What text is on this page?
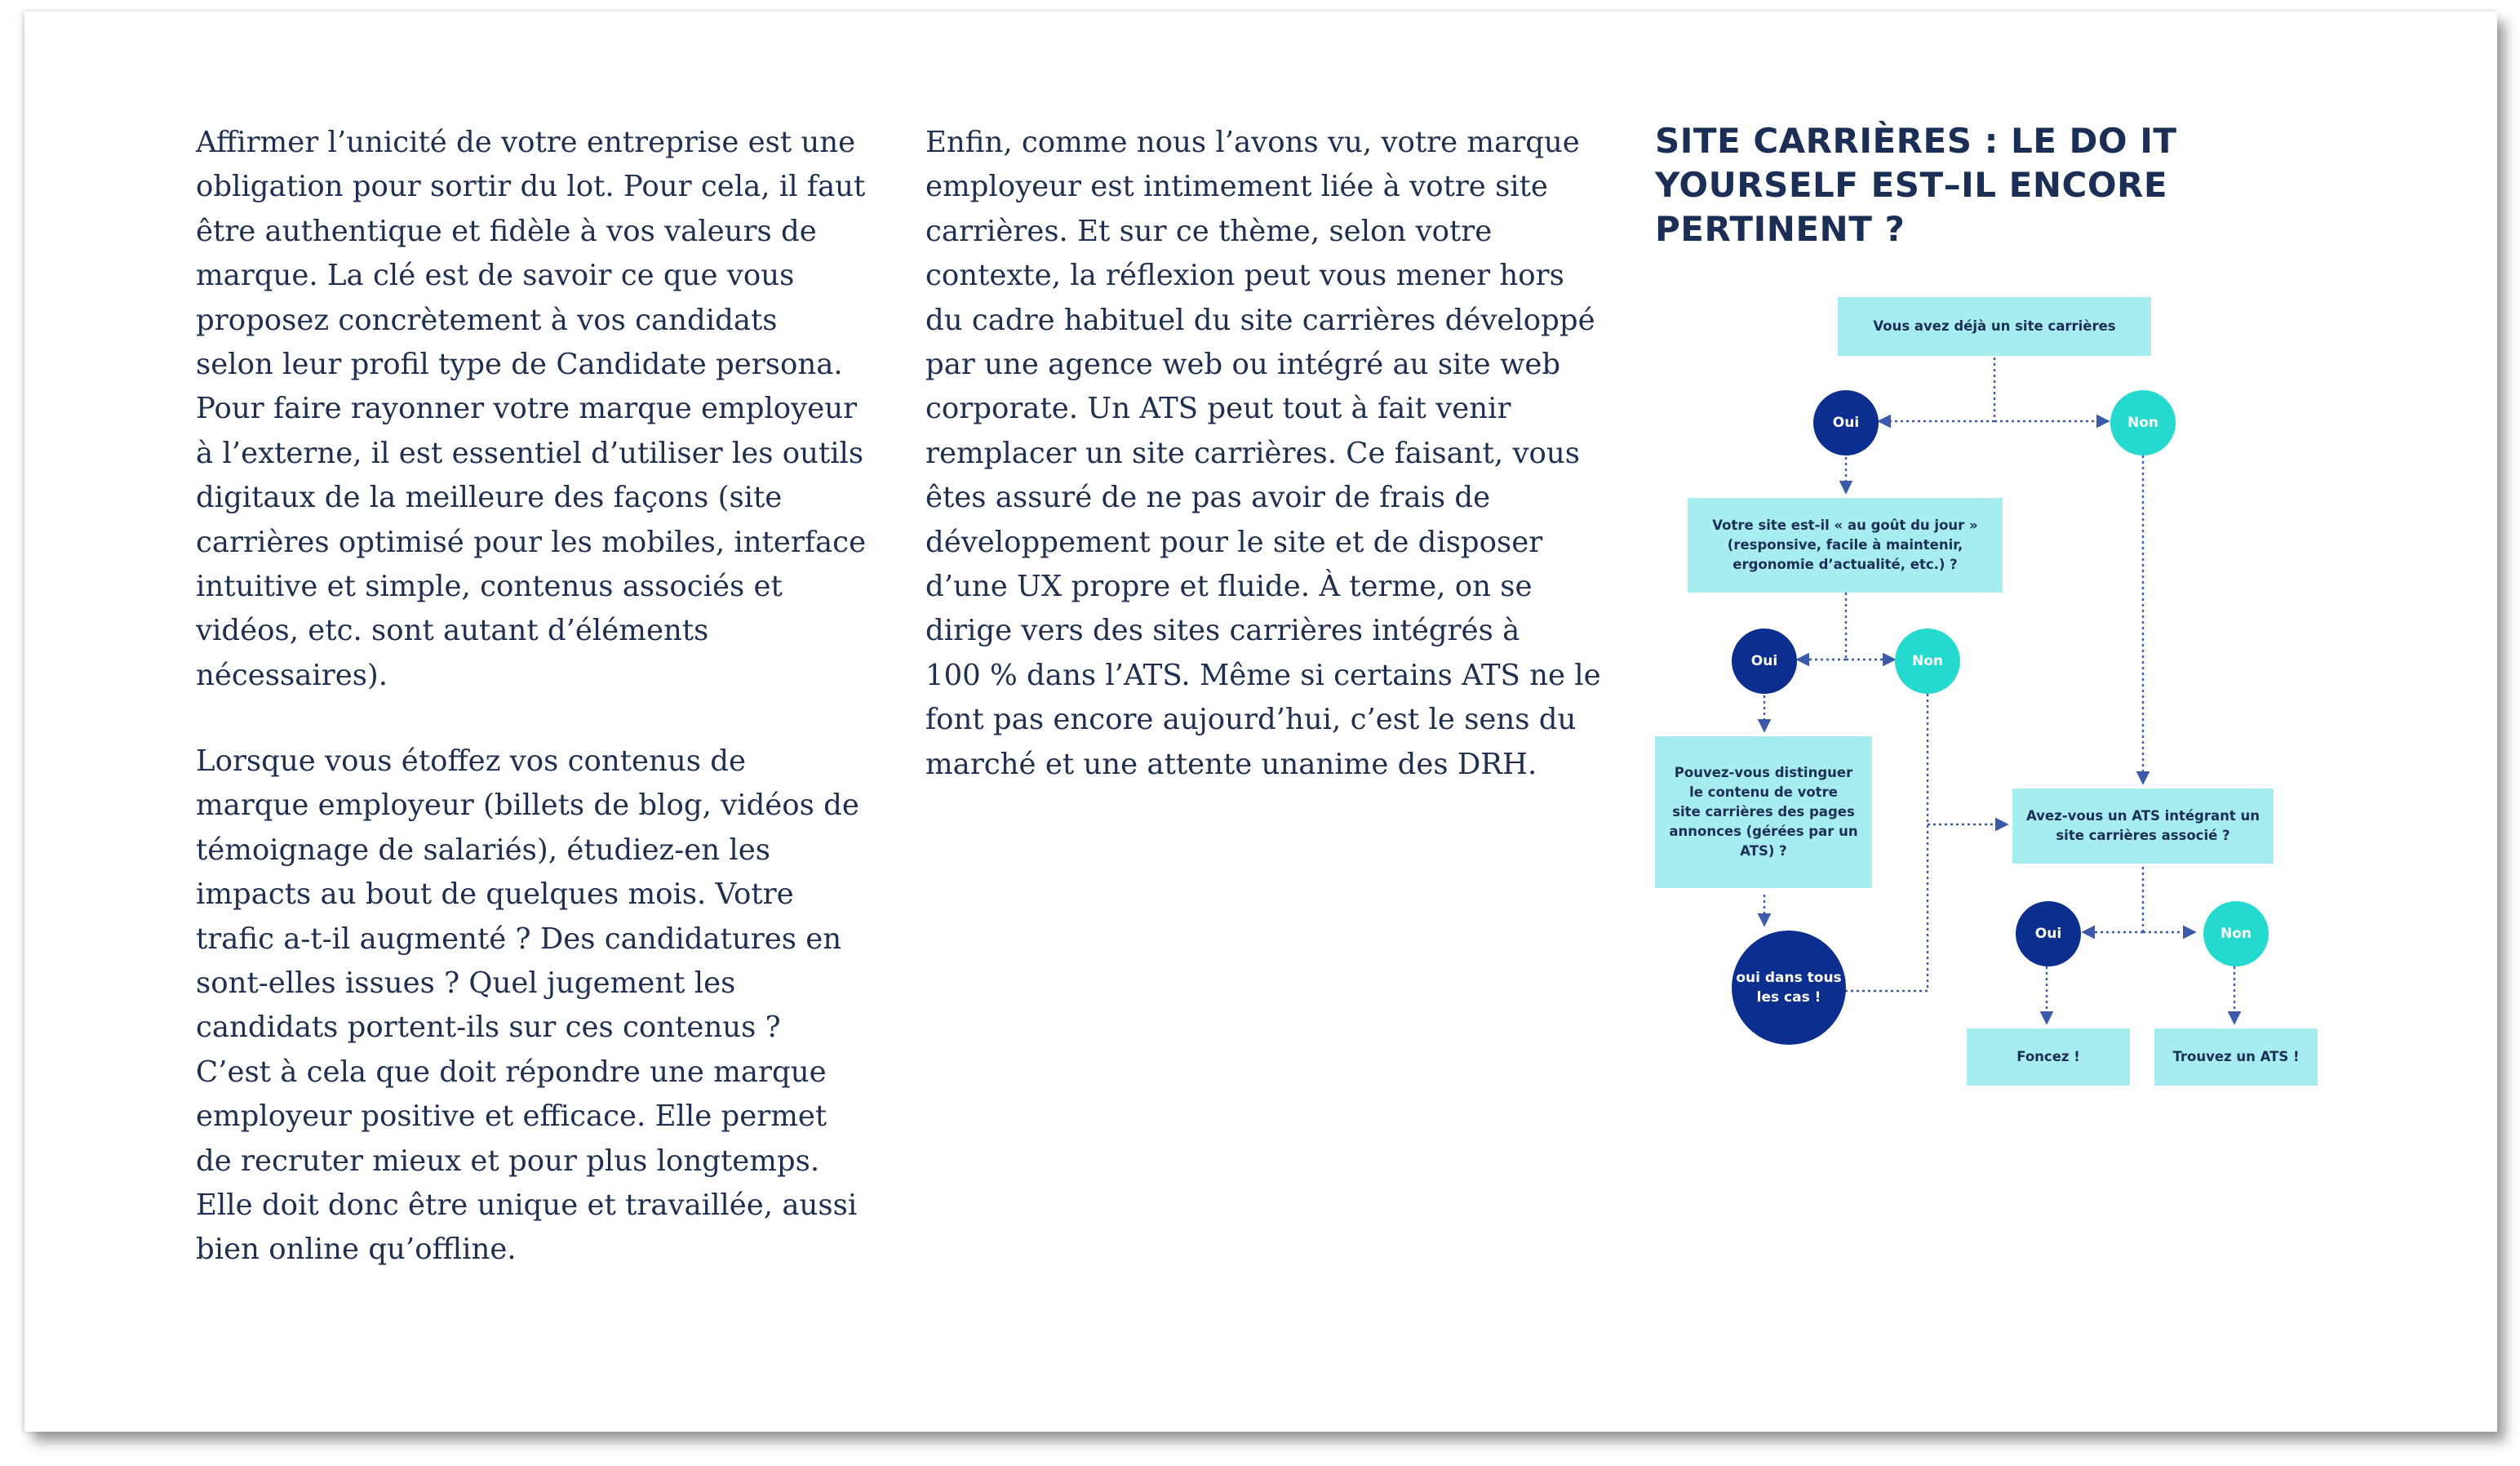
Affirmer l’unicité de votre entreprise est une
obligation pour sortir du lot. Pour cela, il faut
être authentique et fidèle à vos valeurs de
marque. La clé est de savoir ce que vous
proposez concrètement à vos candidats
selon leur profil type de Candidate persona.
Pour faire rayonner votre marque employeur
à l’externe, il est essentiel d’utiliser les outils
digitaux de la meilleure des façons (site
carrières optimisé pour les mobiles, interface
intuitive et simple, contenus associés et
vidéos, etc. sont autant d’éléments
nécessaires).

Lorsque vous étoffez vos contenus de
marque employeur (billets de blog, vidéos de
témoignage de salariés), étudiez-en les
impacts au bout de quelques mois. Votre
trafic a-t-il augmenté ? Des candidatures en
sont-elles issues ? Quel jugement les
candidats portent-ils sur ces contenus ?
C’est à cela que doit répondre une marque
employeur positive et efficace. Elle permet
de recruter mieux et pour plus longtemps.
Elle doit donc être unique et travaillée, aussi
bien online qu’offline.

Enfin, comme nous l’avons vu, votre marque
employeur est intimement liée à votre site
carrières. Et sur ce thème, selon votre
contexte, la réflexion peut vous mener hors
du cadre habituel du site carrières développé
par une agence web ou intégré au site web
corporate. Un ATS peut tout à fait venir
remplacer un site carrières. Ce faisant, vous
êtes assuré de ne pas avoir de frais de
développement pour le site et de disposer
d’une UX propre et fluide. À terme, on se
dirige vers des sites carrières intégrés à
100 % dans l’ATS. Même si certains ATS ne le
font pas encore aujourd’hui, c’est le sens du
marché et une attente unanime des DRH.

SITE CARRIÈRES : LE DO IT
YOURSELF EST–IL ENCORE
PERTINENT ?
Vous avez déjà un site carrières
Oui	Non
Votre site est-il « au goût du jour »
(responsive, facile à maintenir,
ergonomie d’actualité, etc.) ?
Oui	Non
Pouvez-vous distinguer
le contenu de votre
site carrières des pages
annonces (gérées par un
ATS) ?
oui dans tous
les cas !
Avez-vous un ATS intégrant un
site carrières associé ?
Oui	Non
Foncez !	Trouvez un ATS !
